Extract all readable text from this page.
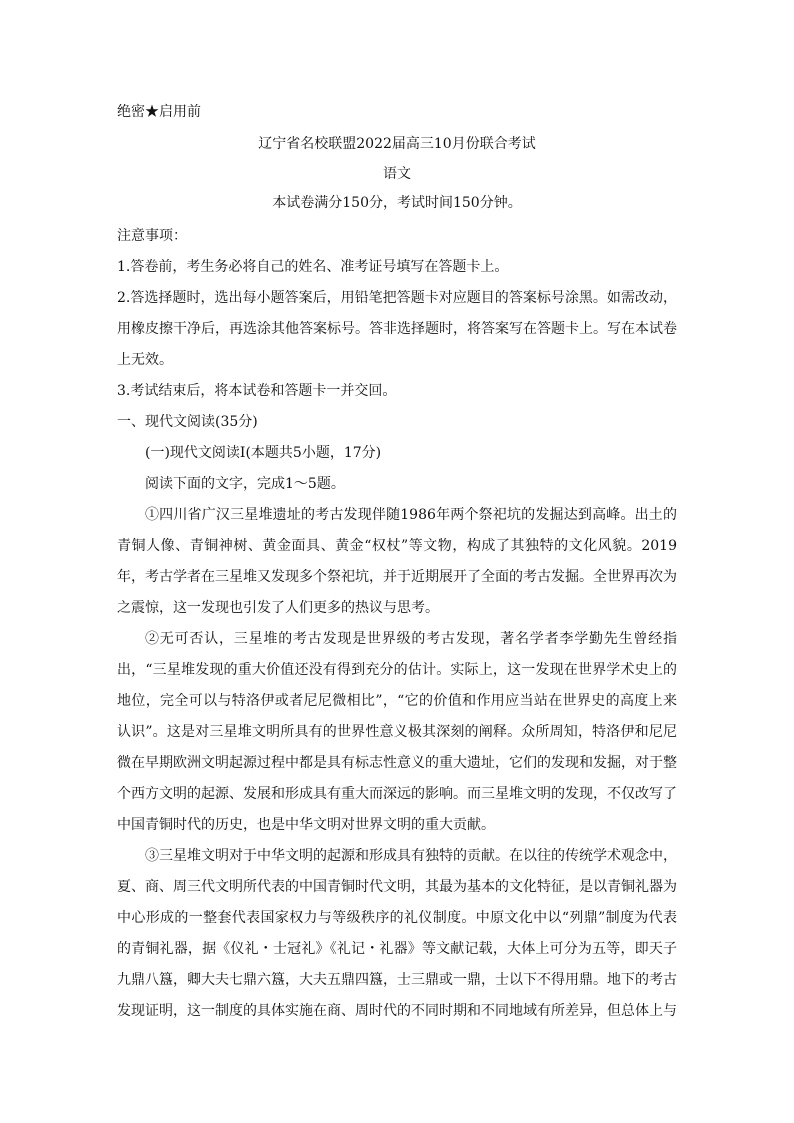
绝密★启用前
辽宁省名校联盟2022届高三10月份联合考试
语文
本试卷满分150分，考试时间150分钟。

注意事项：

1.答卷前，考生务必将自己的姓名、准考证号填写在答题卡上。

2.答选择题时，选出每小题答案后，用铅笔把答题卡对应题目的答案标号涂黑。如需改动，用橡皮擦干净后，再选涂其他答案标号。答非选择题时，将答案写在答题卡上。写在本试卷上无效。

3.考试结束后，将本试卷和答题卡一并交回。

一、现代文阅读(35分)

(一)现代文阅读I(本题共5小题，17分)

阅读下面的文字，完成1～5题。

①四川省广汉三星堆遗址的考古发现伴随1986年两个祭祀坑的发掘达到高峰。出土的青铜人像、青铜神树、黄金面具、黄金“权杖”等文物，构成了其独特的文化风貌。2019年，考古学者在三星堆又发现多个祭祀坑，并于近期展开了全面的考古发掘。全世界再次为之震惊，这一发现也引发了人们更多的热议与思考。

②无可否认，三星堆的考古发现是世界级的考古发现，著名学者李学勤先生曾经指出，“三星堆发现的重大价值还没有得到充分的估计。实际上，这一发现在世界学术史上的地位，完全可以与特洛伊或者尼尼微相比”，“它的价值和作用应当站在世界史的高度上来认识”。这是对三星堆文明所具有的世界性意义极其深刻的阐释。众所周知，特洛伊和尼尼微在早期欧洲文明起源过程中都是具有标志性意义的重大遗址，它们的发现和发掘，对于整个西方文明的起源、发展和形成具有重大而深远的影响。而三星堆文明的发现，不仅改写了中国青铜时代的历史，也是中华文明对世界文明的重大贡献。

③三星堆文明对于中华文明的起源和形成具有独特的贡献。在以往的传统学术观念中，夏、商、周三代文明所代表的中国青铜时代文明，其最为基本的文化特征，是以青铜礼器为中心形成的一整套代表国家权力与等级秩序的礼仪制度。中原文化中以“列鼎”制度为代表的青铜礼器，据《仪礼・士冠礼》《礼记・礼器》等文献记载，大体上可分为五等，即天子九鼎八簋，卿大夫七鼎六簋，大夫五鼎四簋，士三鼎或一鼎，士以下不得用鼎。地下的考古发现证明，这一制度的具体实施在商、周时代的不同时期和不同地域有所差异，但总体上与
